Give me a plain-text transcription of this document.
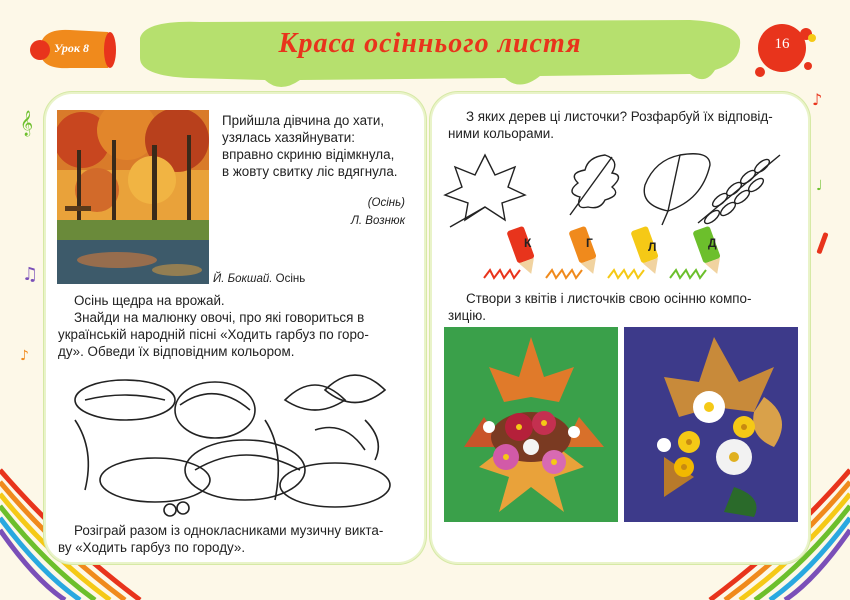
𝄞
♫
♪
♪
♩
Урок 8	Краса осіннього листя	16
Прийшла дівчина до хати,
узялась хазяйнувати:
вправно скриню відімкнула,
в жовту свитку ліс вдягнула.
(Осінь)
Л. Вознюк
Й. Бокшай. Осінь
Осінь щедра на врожай.
Знайди на малюнку овочі, про які говориться в
українській народній пісні «Ходить гарбуз по горо-
ду». Обведи їх відповідним кольором.
Розіграй разом із однокласниками музичну викта-
ву «Ходить гарбуз по городу».
З яких дерев ці листочки? Розфарбуй їх відповід-
ними кольорами.
К	Г	Л	Д
Створи з квітів і листочків свою осінню компо-
зицію.
